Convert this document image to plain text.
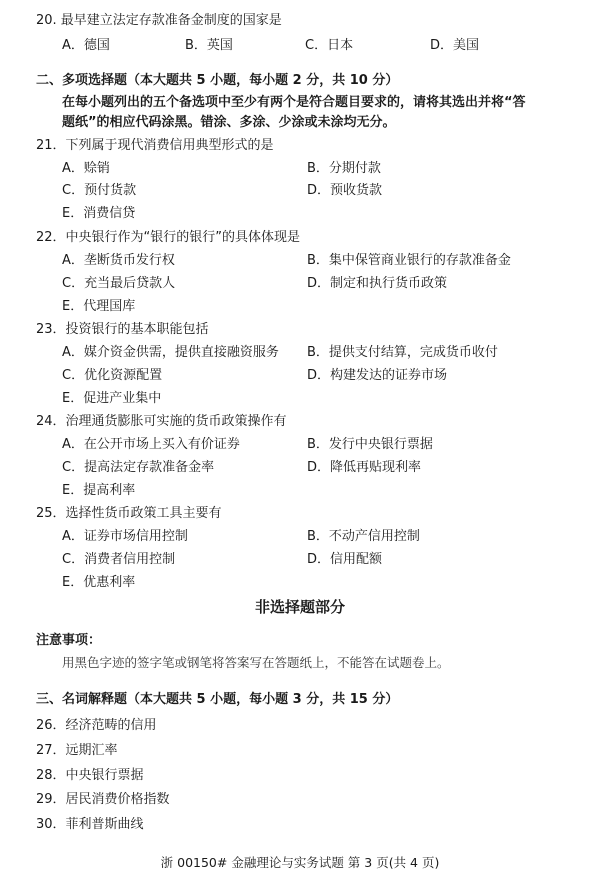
20. 最早建立法定存款准备金制度的国家是
A．德国	B．英国	C．日本	D．美国
二、多项选择题（本大题共 5 小题，每小题 2 分，共 10 分）
在每小题列出的五个备选项中至少有两个是符合题目要求的，请将其选出并将“答
题纸”的相应代码涂黑。错涂、多涂、少涂或未涂均无分。
21．下列属于现代消费信用典型形式的是
A．赊销	B．分期付款
C．预付货款	D．预收货款
E．消费信贷
22．中央银行作为“银行的银行”的具体体现是
A．垄断货币发行权	B．集中保管商业银行的存款准备金
C．充当最后贷款人	D．制定和执行货币政策
E．代理国库
23．投资银行的基本职能包括
A．媒介资金供需，提供直接融资服务 B．提供支付结算，完成货币收付
C．优化资源配置	D．构建发达的证券市场
E．促进产业集中
24．治理通货膨胀可实施的货币政策操作有
A．在公开市场上买入有价证券	B．发行中央银行票据
C．提高法定存款准备金率	D．降低再贴现利率
E．提高利率
25．选择性货币政策工具主要有
A．证券市场信用控制	B．不动产信用控制
C．消费者信用控制	D．信用配额
E．优惠利率
非选择题部分
注意事项：
用黑色字迹的签字笔或钢笔将答案写在答题纸上，不能答在试题卷上。
三、名词解释题（本大题共 5 小题，每小题 3 分，共 15 分）
26．经济范畴的信用
27．远期汇率
28．中央银行票据
29．居民消费价格指数
30．菲利普斯曲线
浙 00150# 金融理论与实务试题 第 3 页(共 4 页)
